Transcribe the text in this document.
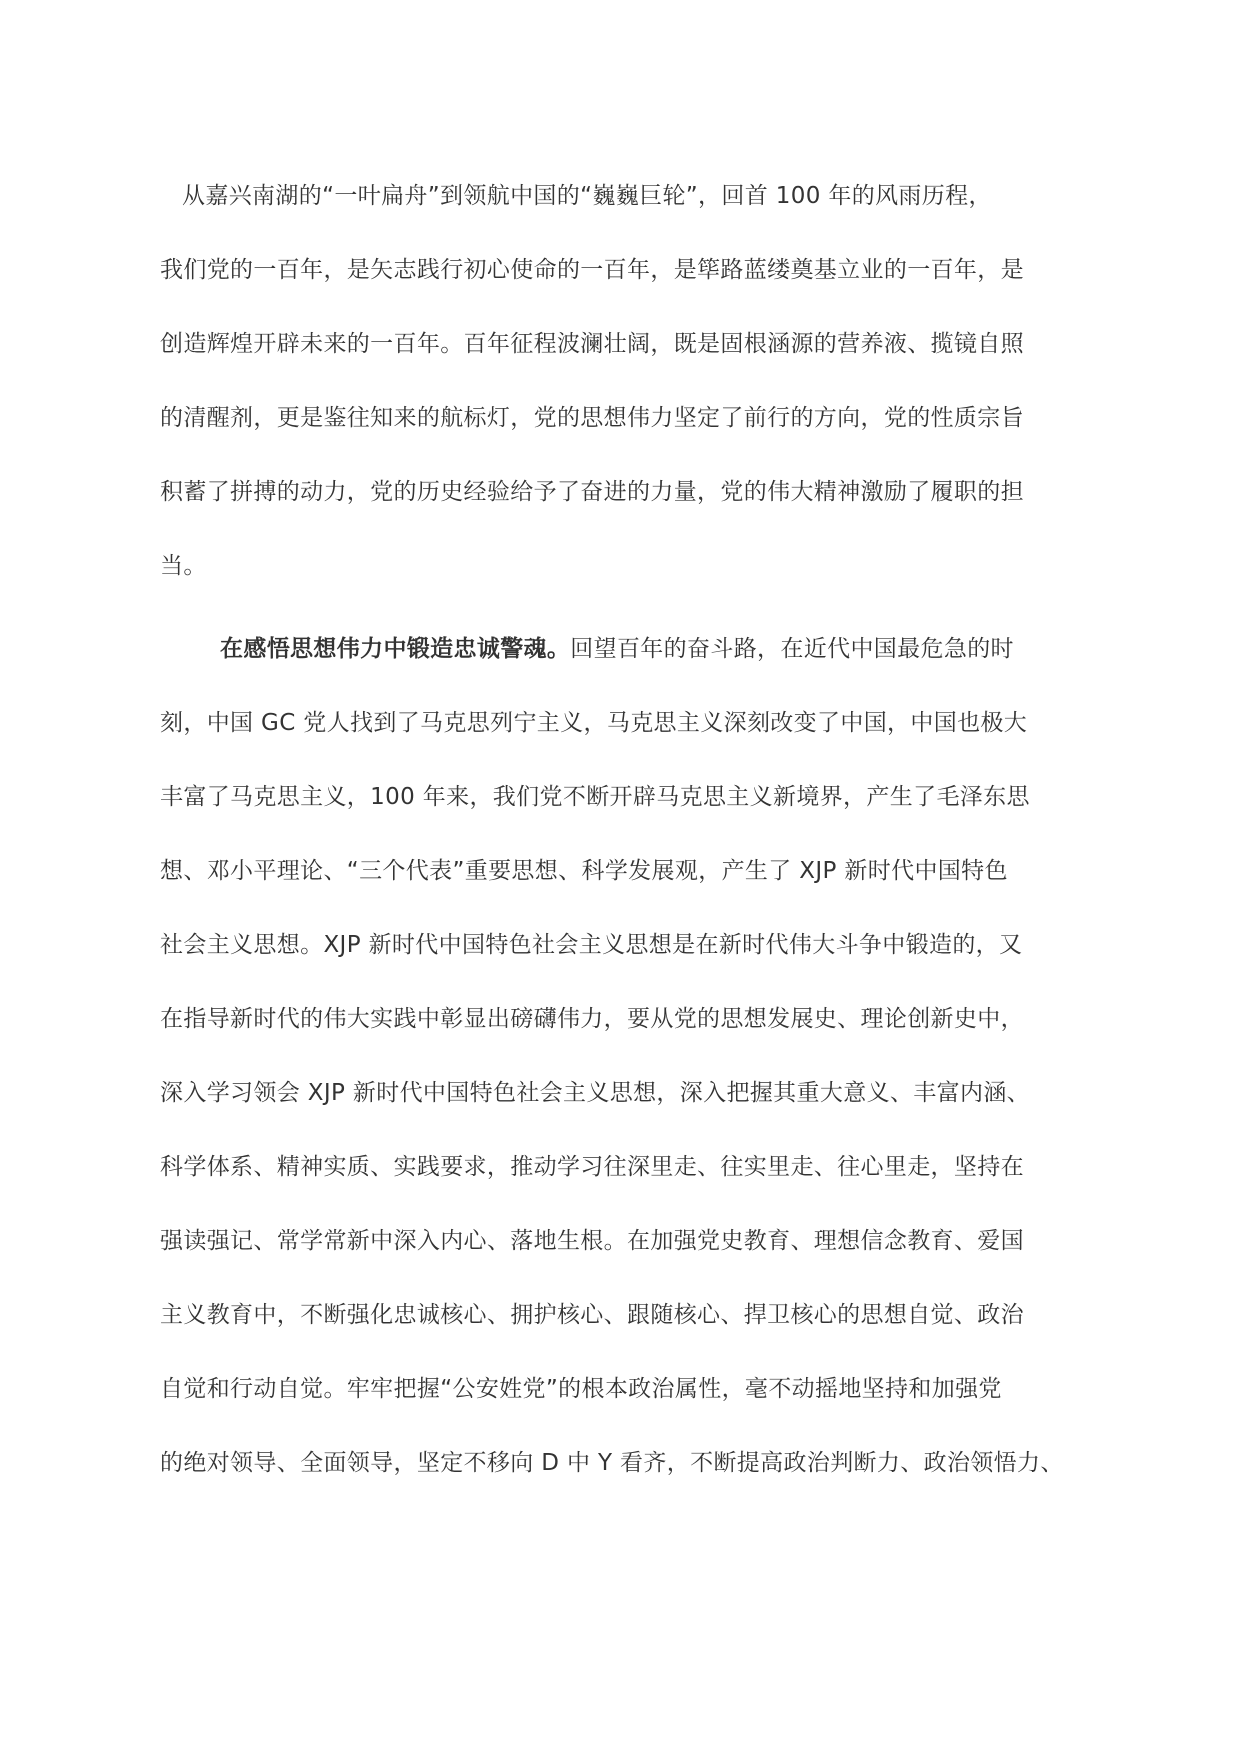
从嘉兴南湖的“一叶扁舟”到领航中国的“巍巍巨轮”，回首 100 年的风雨历程，
我们党的一百年，是矢志践行初心使命的一百年，是筚路蓝缕奠基立业的一百年，是
创造辉煌开辟未来的一百年。百年征程波澜壮阔，既是固根涵源的营养液、揽镜自照
的清醒剂，更是鉴往知来的航标灯，党的思想伟力坚定了前行的方向，党的性质宗旨
积蓄了拼搏的动力，党的历史经验给予了奋进的力量，党的伟大精神激励了履职的担
当。
在感悟思想伟力中锻造忠诚警魂。回望百年的奋斗路，在近代中国最危急的时
刻，中国 GC 党人找到了马克思列宁主义，马克思主义深刻改变了中国，中国也极大
丰富了马克思主义，100 年来，我们党不断开辟马克思主义新境界，产生了毛泽东思
想、邓小平理论、“三个代表”重要思想、科学发展观，产生了 XJP 新时代中国特色
社会主义思想。XJP 新时代中国特色社会主义思想是在新时代伟大斗争中锻造的，又
在指导新时代的伟大实践中彰显出磅礴伟力，要从党的思想发展史、理论创新史中，
深入学习领会 XJP 新时代中国特色社会主义思想，深入把握其重大意义、丰富内涵、
科学体系、精神实质、实践要求，推动学习往深里走、往实里走、往心里走，坚持在
强读强记、常学常新中深入内心、落地生根。在加强党史教育、理想信念教育、爱国
主义教育中，不断强化忠诚核心、拥护核心、跟随核心、捍卫核心的思想自觉、政治
自觉和行动自觉。牢牢把握“公安姓党”的根本政治属性，毫不动摇地坚持和加强党
的绝对领导、全面领导，坚定不移向 D 中 Y 看齐，不断提高政治判断力、政治领悟力、
